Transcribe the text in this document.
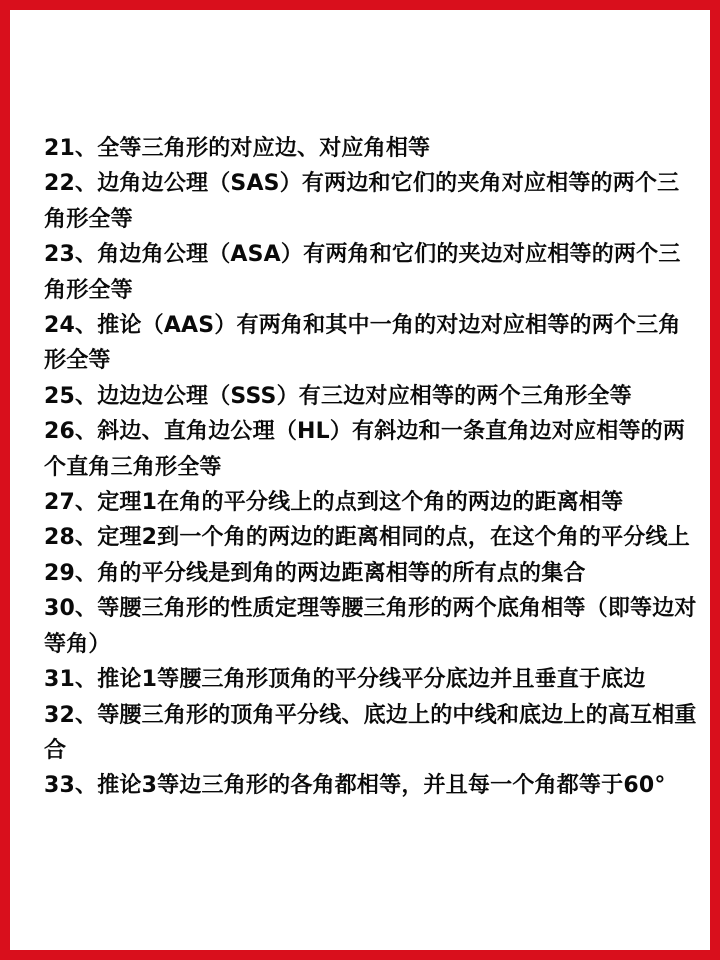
21、全等三角形的对应边、对应角相等

22、边角边公理（SAS）有两边和它们的夹角对应相等的两个三角形全等

23、角边角公理（ASA）有两角和它们的夹边对应相等的两个三角形全等

24、推论（AAS）有两角和其中一角的对边对应相等的两个三角形全等

25、边边边公理（SSS）有三边对应相等的两个三角形全等

26、斜边、直角边公理（HL）有斜边和一条直角边对应相等的两个直角三角形全等

27、定理1在角的平分线上的点到这个角的两边的距离相等

28、定理2到一个角的两边的距离相同的点，在这个角的平分线上

29、角的平分线是到角的两边距离相等的所有点的集合

30、等腰三角形的性质定理等腰三角形的两个底角相等（即等边对等角）

31、推论1等腰三角形顶角的平分线平分底边并且垂直于底边

32、等腰三角形的顶角平分线、底边上的中线和底边上的高互相重合

33、推论3等边三角形的各角都相等，并且每一个角都等于60°
